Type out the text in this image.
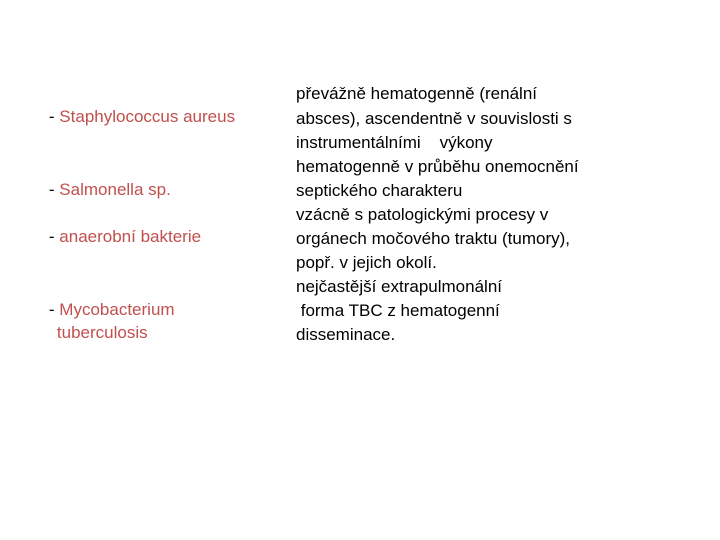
- Staphylococcus aureus

- Salmonella sp.

- anaerobní bakterie

- Mycobacterium

tuberculosis

převážně hematogenně (renální
absces), ascendentně v souvislosti s
instrumentálními    výkony
hematogenně v průběhu onemocnění
septického charakteru
vzácně s patologickými procesy v
orgánech močového traktu (tumory),
popř. v jejich okolí.
nejčastější extrapulmonální
forma TBC z hematogenní
disseminace.
